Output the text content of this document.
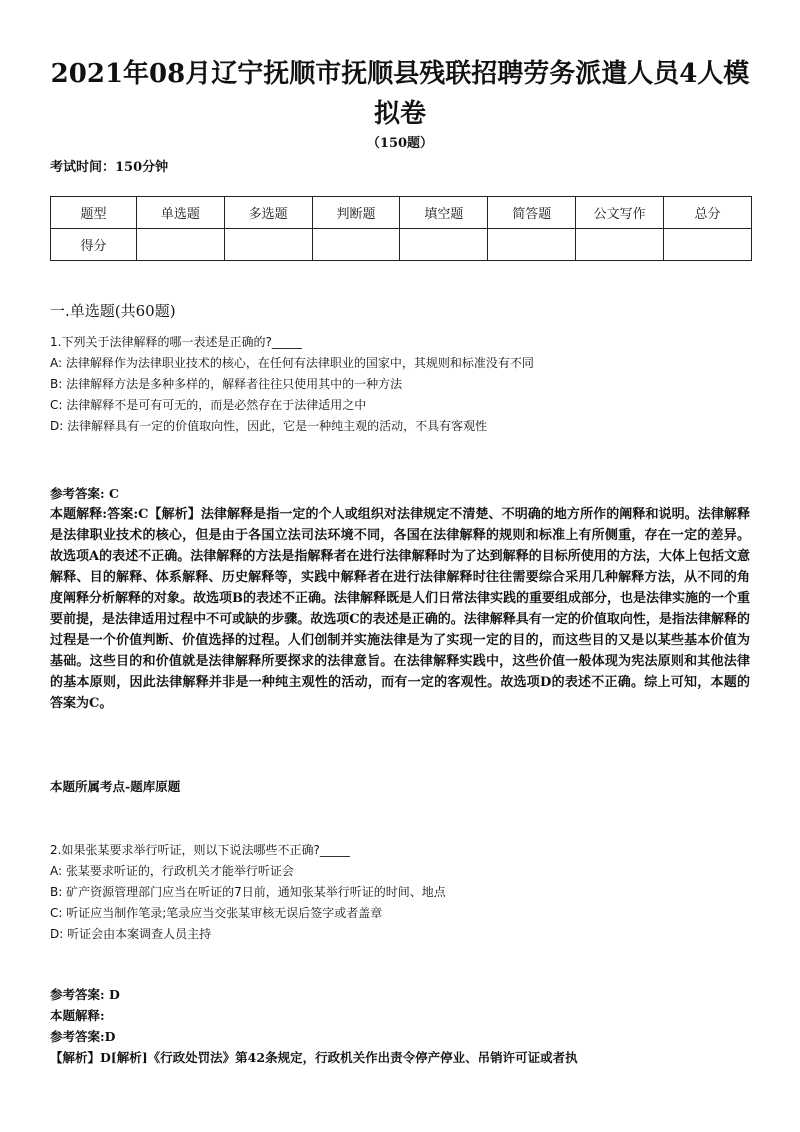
2021年08月辽宁抚顺市抚顺县残联招聘劳务派遣人员4人模拟卷
（150题）
考试时间：150分钟
题型	单选题	多选题	判断题	填空题	简答题	公文写作	总分
得分							
一.单选题(共60题)
1.下列关于法律解释的哪一表述是正确的?_____
A: 法律解释作为法律职业技术的核心，在任何有法律职业的国家中，其规则和标准没有不同
B: 法律解释方法是多种多样的，解释者往往只使用其中的一种方法
C: 法律解释不是可有可无的，而是必然存在于法律适用之中
D: 法律解释具有一定的价值取向性，因此，它是一种纯主观的活动，不具有客观性
参考答案: C

本题解释:答案:C【解析】法律解释是指一定的个人或组织对法律规定不清楚、不明确的地方所作的阐释和说明。法律解释是法律职业技术的核心，但是由于各国立法司法环境不同，各国在法律解释的规则和标准上有所侧重，存在一定的差异。故选项A的表述不正确。法律解释的方法是指解释者在进行法律解释时为了达到解释的目标所使用的方法，大体上包括文意解释、目的解释、体系解释、历史解释等，实践中解释者在进行法律解释时往往需要综合采用几种解释方法，从不同的角度阐释分析解释的对象。故选项B的表述不正确。法律解释既是人们日常法律实践的重要组成部分，也是法律实施的一个重要前提，是法律适用过程中不可或缺的步骤。故选项C的表述是正确的。法律解释具有一定的价值取向性，是指法律解释的过程是一个价值判断、价值选择的过程。人们创制并实施法律是为了实现一定的目的，而这些目的又是以某些基本价值为基础。这些目的和价值就是法律解释所要探求的法律意旨。在法律解释实践中，这些价值一般体现为宪法原则和其他法律的基本原则，因此法律解释并非是一种纯主观性的活动，而有一定的客观性。故选项D的表述不正确。综上可知，本题的答案为C。

本题所属考点-题库原题
2.如果张某要求举行听证，则以下说法哪些不正确?_____
A: 张某要求听证的，行政机关才能举行听证会
B: 矿产资源管理部门应当在听证的7日前，通知张某举行听证的时间、地点
C: 听证应当制作笔录;笔录应当交张某审核无误后签字或者盖章
D: 听证会由本案调查人员主持
参考答案: D
本题解释:
参考答案:D
【解析】D[解析]《行政处罚法》第42条规定，行政机关作出责令停产停业、吊销许可证或者执
